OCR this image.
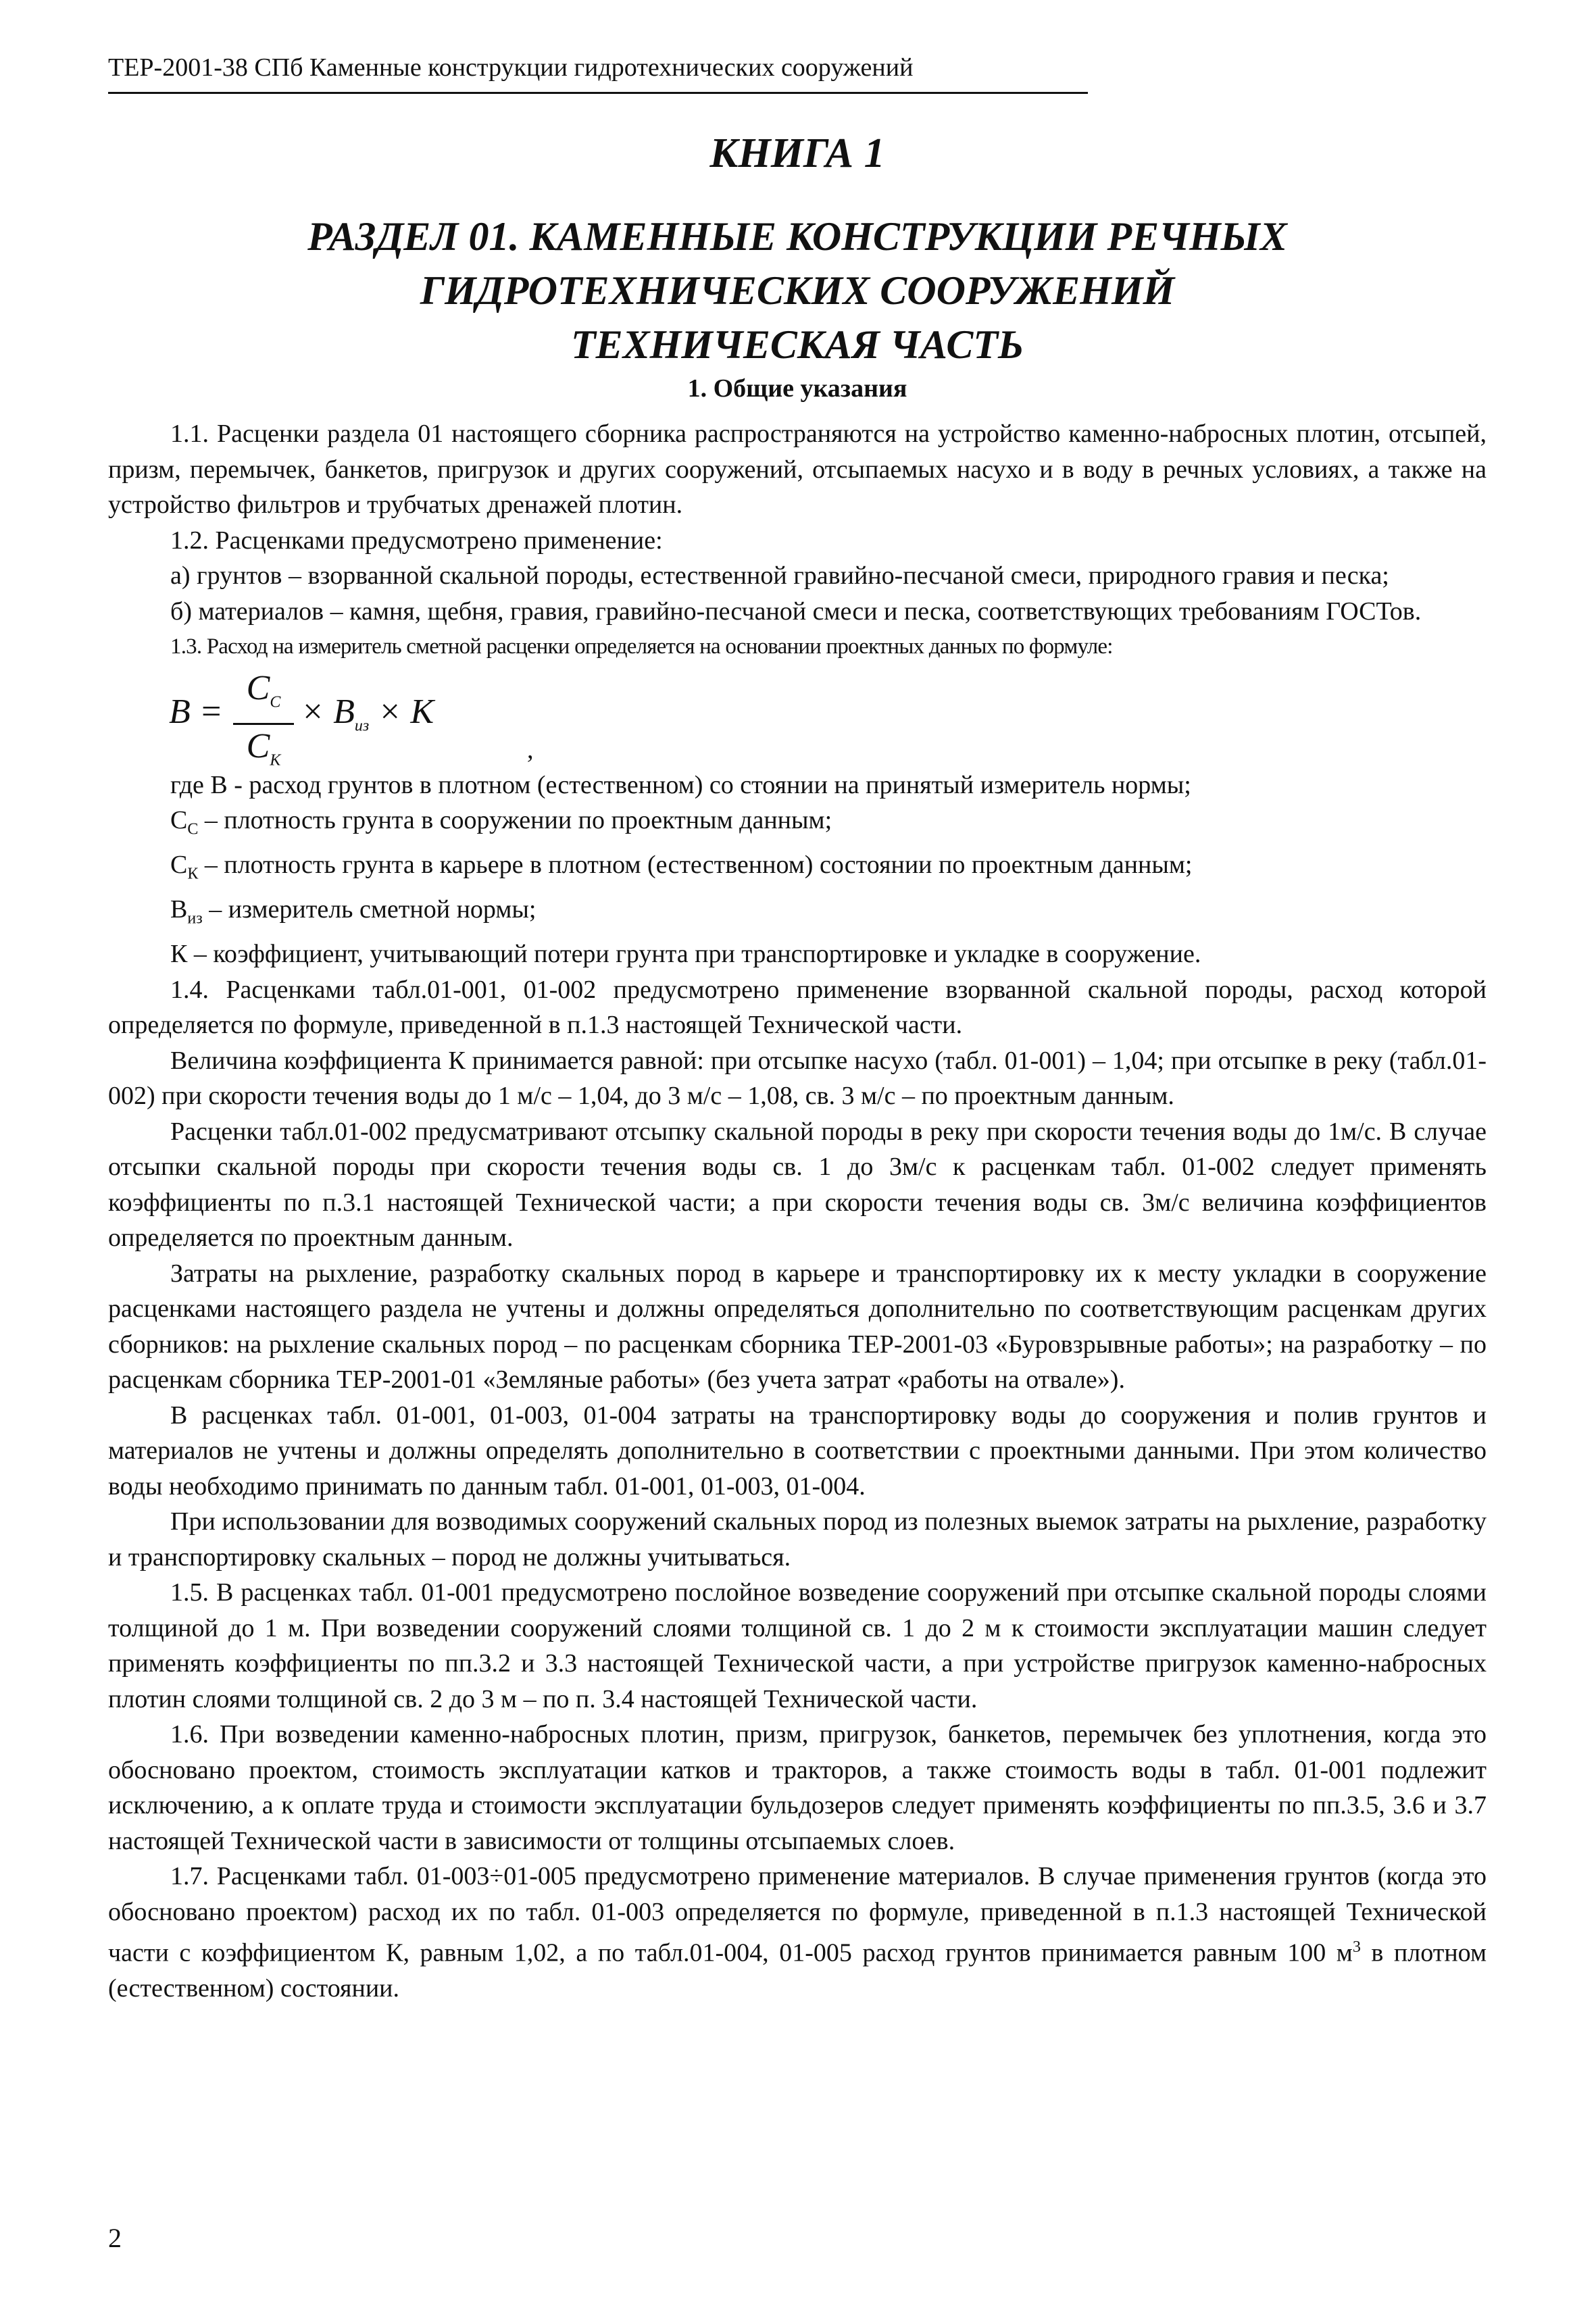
ТЕР-2001-38 СПб Каменные конструкции гидротехнических сооружений
КНИГА 1
РАЗДЕЛ 01. КАМЕННЫЕ КОНСТРУКЦИИ РЕЧНЫХ
ГИДРОТЕХНИЧЕСКИХ СООРУЖЕНИЙ
ТЕХНИЧЕСКАЯ ЧАСТЬ
1. Общие указания

1.1. Расценки раздела 01 настоящего сборника распространяются на устройство каменно-набросных плотин, отсыпей, призм, перемычек, банкетов, пригрузок и других сооружений, отсыпаемых насухо и в воду в речных условиях, а также на устройство фильтров и трубчатых дренажей плотин.

1.2. Расценками предусмотрено применение:

а) грунтов – взорванной скальной породы, естественной гравийно-песчаной смеси, природного гравия и песка;

б) материалов – камня, щебня, гравия, гравийно-песчаной смеси и песка, соответствующих требованиям ГОСТов.

1.3. Расход на измеритель сметной расценки определяется на основании проектных данных по формуле:

$B = \frac{C_C}{C_K} \times B_{из} \times K$
,

где В - расход грунтов в плотном (естественном) со стоянии на принятый измеритель нормы;

$С_С$ – плотность грунта в сооружении по проектным данным;

$С_К$ – плотность грунта в карьере в плотном (естественном) состоянии по проектным данным;

$В_{из}$ – измеритель сметной нормы;

К – коэффициент, учитывающий потери грунта при транспортировке и укладке в сооружение.

1.4. Расценками табл.01-001, 01-002 предусмотрено применение взорванной скальной породы, расход которой определяется по формуле, приведенной в п.1.3 настоящей Технической части.

Величина коэффициента К принимается равной: при отсыпке насухо (табл. 01-001) – 1,04; при отсыпке в реку (табл.01-002) при скорости течения воды до 1 м/с – 1,04, до 3 м/с – 1,08, св. 3 м/с – по проектным данным.

Расценки табл.01-002 предусматривают отсыпку скальной породы в реку при скорости течения воды до 1м/с. В случае отсыпки скальной породы при скорости течения воды св. 1 до 3м/с к расценкам табл. 01-002 следует применять коэффициенты по п.3.1 настоящей Технической части; а при скорости течения воды св. 3м/с величина коэффициентов определяется по проектным данным.

Затраты на рыхление, разработку скальных пород в карьере и транспортировку их к месту укладки в сооружение расценками настоящего раздела не учтены и должны определяться дополнительно по соответствующим расценкам других сборников: на рыхление скальных пород – по расценкам сборника ТЕР-2001-03 «Буровзрывные работы»; на разработку – по расценкам сборника ТЕР-2001-01 «Земляные работы» (без учета затрат «работы на отвале»).

В расценках табл. 01-001, 01-003, 01-004 затраты на транспортировку воды до сооружения и полив грунтов и материалов не учтены и должны определять дополнительно в соответствии с проектными данными. При этом количество воды необходимо принимать по данным табл. 01-001, 01-003, 01-004.

При использовании для возводимых сооружений скальных пород из полезных выемок затраты на рыхление, разработку и транспортировку скальных – пород не должны учитываться.

1.5. В расценках табл. 01-001 предусмотрено послойное возведение сооружений при отсыпке скальной породы слоями толщиной до 1 м. При возведении сооружений слоями толщиной св. 1 до 2 м к стоимости эксплуатации машин следует применять коэффициенты по пп.3.2 и 3.3 настоящей Технической части, а при устройстве пригрузок каменно-набросных плотин слоями толщиной св. 2 до 3 м – по п. 3.4 настоящей Технической части.

1.6. При возведении каменно-набросных плотин, призм, пригрузок, банкетов, перемычек без уплотнения, когда это обосновано проектом, стоимость эксплуатации катков и тракторов, а также стоимость воды в табл. 01-001 подлежит исключению, а к оплате труда и стоимости эксплуатации бульдозеров следует применять коэффициенты по пп.3.5, 3.6 и 3.7 настоящей Технической части в зависимости от толщины отсыпаемых слоев.

1.7. Расценками табл. 01-003÷01-005 предусмотрено применение материалов. В случае применения грунтов (когда это обосновано проектом) расход их по табл. 01-003 определяется по формуле, приведенной в п.1.3 настоящей Технической части с коэффициентом К, равным 1,02, а по табл.01-004, 01-005 расход грунтов принимается равным 100 $м^3$ в плотном (естественном) состоянии.

2
